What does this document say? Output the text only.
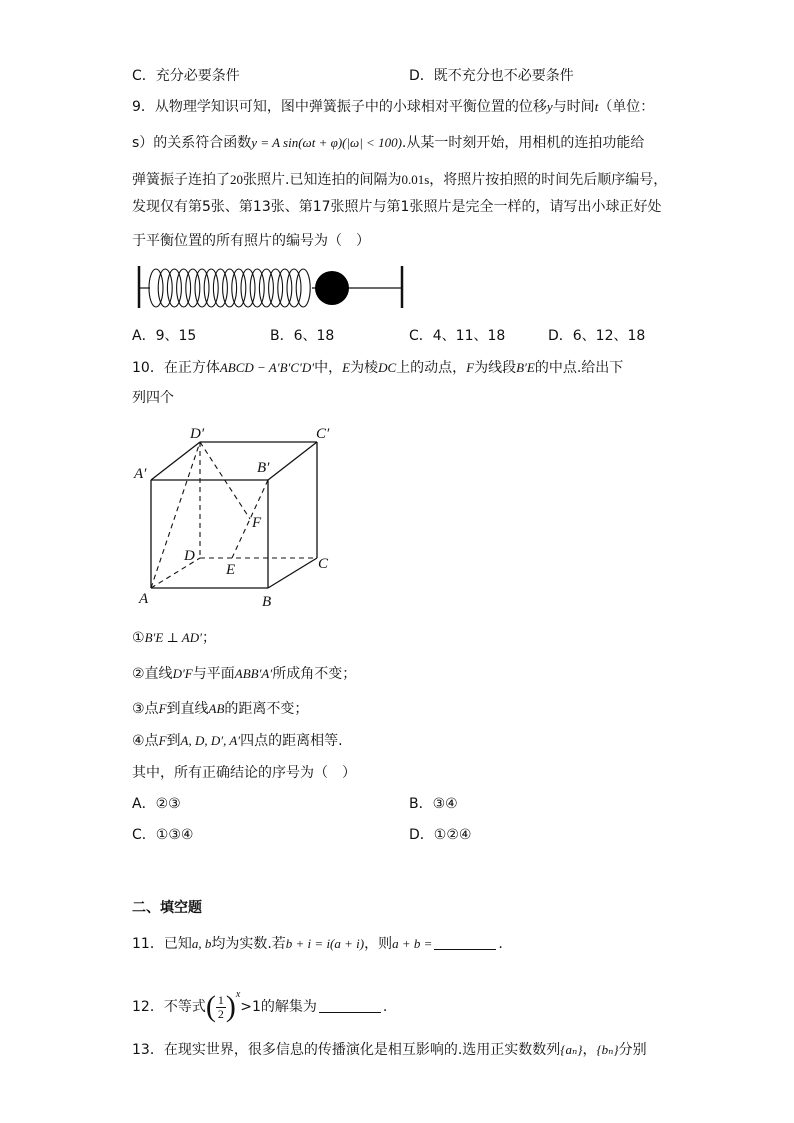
C．充分必要条件	D．既不充分也不必要条件
9．从物理学知识可知，图中弹簧振子中的小球相对平衡位置的位移y与时间t（单位：
s）的关系符合函数y = A sin(ωt + φ)(|ω| < 100).从某一时刻开始，用相机的连拍功能给
弹簧振子连拍了20张照片.已知连拍的间隔为0.01s，将照片按拍照的时间先后顺序编号，
发现仅有第5张、第13张、第17张照片与第1张照片是完全一样的，请写出小球正好处
于平衡位置的所有照片的编号为（　）
A．9、15	B．6、18	C．4、11、18	D．6、12、18
10．在正方体ABCD − A′B′C′D′中，E为棱DC上的动点，F为线段B′E的中点.给出下
列四个
D′	C′
A′	B′
F
D
E	C
A	B
①B′E ⊥ AD′；
②直线D′F与平面ABB′A′所成角不变；
③点F到直线AB的距离不变；
④点F到A, D, D′, A′四点的距离相等.
其中，所有正确结论的序号为（　）
A．②③	B．③④
C．①③④	D．①②④
二、填空题
11．已知a, b均为实数.若b + i = i(a + i)，则a + b =	.
12．不等式( $\frac{1}{2} )^x>1$的解集为	.
13．在现实世界，很多信息的传播演化是相互影响的.选用正实数数列{aₙ}，{bₙ}分别
